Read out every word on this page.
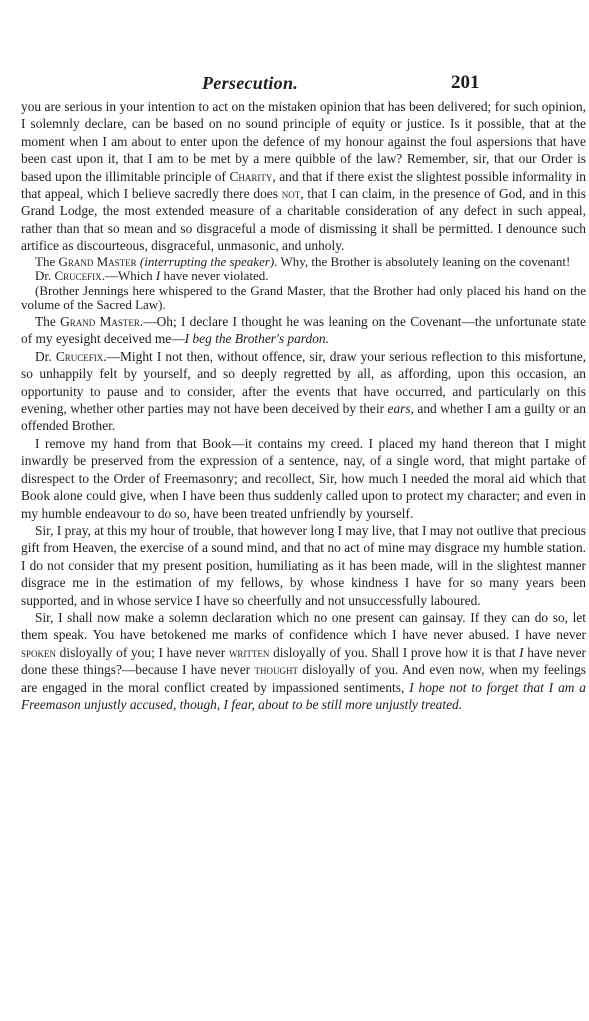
Persecution.	201

you are serious in your intention to act on the mistaken opinion that has been delivered; for such opinion, I solemnly declare, can be based on no sound principle of equity or justice. Is it possible, that at the moment when I am about to enter upon the defence of my honour against the foul aspersions that have been cast upon it, that I am to be met by a mere quibble of the law? Remember, sir, that our Order is based upon the illimitable principle of Charity, and that if there exist the slightest possible informality in that appeal, which I believe sacredly there does not, that I can claim, in the presence of God, and in this Grand Lodge, the most extended measure of a charitable consideration of any defect in such appeal, rather than that so mean and so disgraceful a mode of dismissing it shall be permitted. I denounce such artifice as discourteous, disgraceful, unmasonic, and unholy.

The Grand Master (interrupting the speaker). Why, the Brother is absolutely leaning on the covenant!

Dr. Crucefix.—Which I have never violated.

(Brother Jennings here whispered to the Grand Master, that the Brother had only placed his hand on the volume of the Sacred Law).

The Grand Master.—Oh; I declare I thought he was leaning on the Covenant—the unfortunate state of my eyesight deceived me—I beg the Brother's pardon.

Dr. Crucefix.—Might I not then, without offence, sir, draw your serious reflection to this misfortune, so unhappily felt by yourself, and so deeply regretted by all, as affording, upon this occasion, an opportunity to pause and to consider, after the events that have occurred, and particularly on this evening, whether other parties may not have been deceived by their ears, and whether I am a guilty or an offended Brother.

I remove my hand from that Book—it contains my creed. I placed my hand thereon that I might inwardly be preserved from the expression of a sentence, nay, of a single word, that might partake of disrespect to the Order of Freemasonry; and recollect, Sir, how much I needed the moral aid which that Book alone could give, when I have been thus suddenly called upon to protect my character; and even in my humble endeavour to do so, have been treated unfriendly by yourself.

Sir, I pray, at this my hour of trouble, that however long I may live, that I may not outlive that precious gift from Heaven, the exercise of a sound mind, and that no act of mine may disgrace my humble station. I do not consider that my present position, humiliating as it has been made, will in the slightest manner disgrace me in the estimation of my fellows, by whose kindness I have for so many years been supported, and in whose service I have so cheerfully and not unsuccessfully laboured.

Sir, I shall now make a solemn declaration which no one present can gainsay. If they can do so, let them speak. You have betokened me marks of confidence which I have never abused. I have never spoken disloyally of you; I have never written disloyally of you. Shall I prove how it is that I have never done these things?—because I have never thought disloyally of you. And even now, when my feelings are engaged in the moral conflict created by impassioned sentiments, I hope not to forget that I am a Freemason unjustly accused, though, I fear, about to be still more unjustly treated.
